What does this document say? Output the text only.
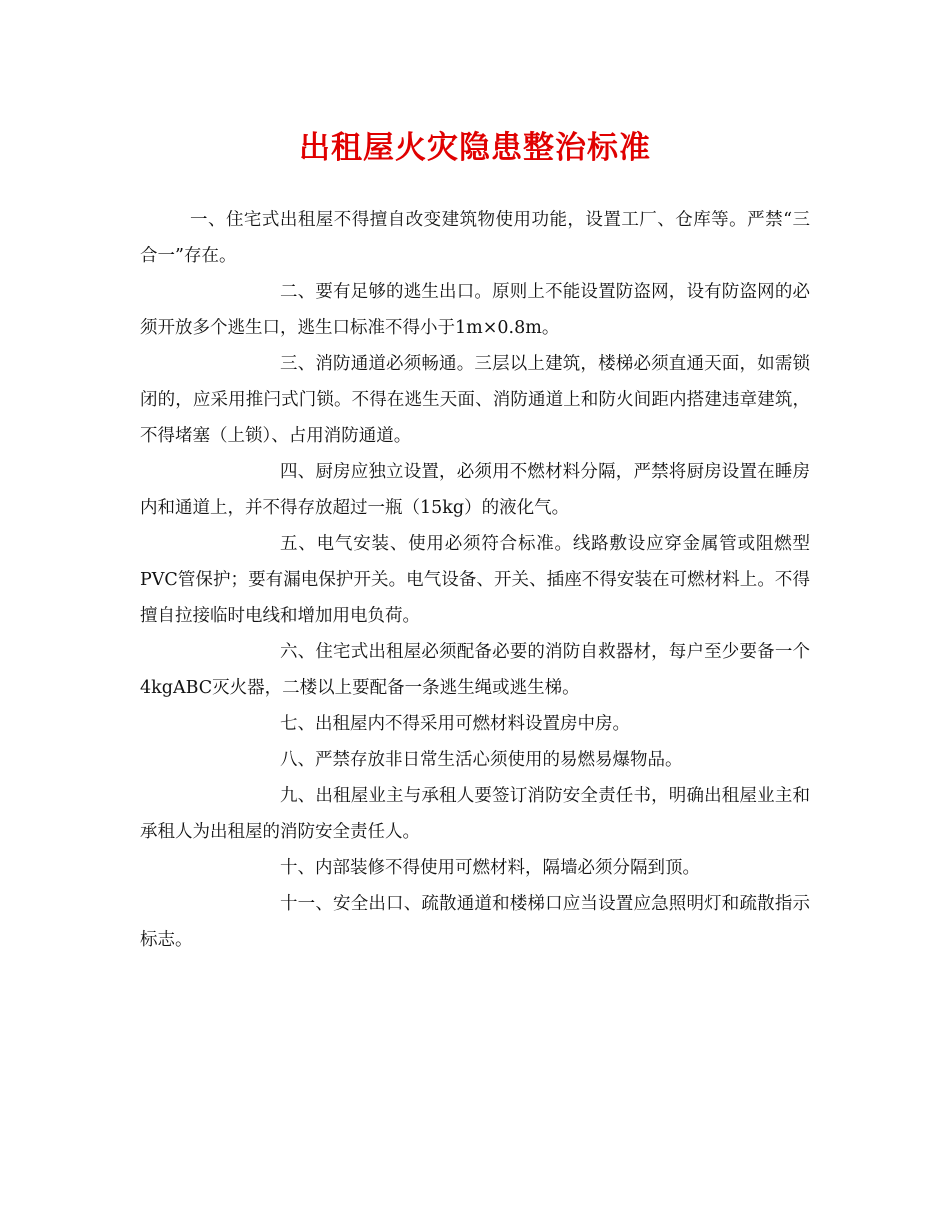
出租屋火灾隐患整治标准

一、住宅式出租屋不得擅自改变建筑物使用功能，设置工厂、仓库等。严禁“三合一”存在。

二、要有足够的逃生出口。原则上不能设置防盗网，设有防盗网的必须开放多个逃生口，逃生口标准不得小于1m×0.8m。

三、消防通道必须畅通。三层以上建筑，楼梯必须直通天面，如需锁闭的，应采用推闩式门锁。不得在逃生天面、消防通道上和防火间距内搭建违章建筑，不得堵塞（上锁）、占用消防通道。

四、厨房应独立设置，必须用不燃材料分隔，严禁将厨房设置在睡房内和通道上，并不得存放超过一瓶（15kg）的液化气。

五、电气安装、使用必须符合标准。线路敷设应穿金属管或阻燃型PVC管保护；要有漏电保护开关。电气设备、开关、插座不得安装在可燃材料上。不得擅自拉接临时电线和增加用电负荷。

六、住宅式出租屋必须配备必要的消防自救器材，每户至少要备一个4kgABC灭火器，二楼以上要配备一条逃生绳或逃生梯。

七、出租屋内不得采用可燃材料设置房中房。

八、严禁存放非日常生活心须使用的易燃易爆物品。

九、出租屋业主与承租人要签订消防安全责任书，明确出租屋业主和承租人为出租屋的消防安全责任人。

十、内部装修不得使用可燃材料，隔墙必须分隔到顶。

十一、安全出口、疏散通道和楼梯口应当设置应急照明灯和疏散指示标志。
